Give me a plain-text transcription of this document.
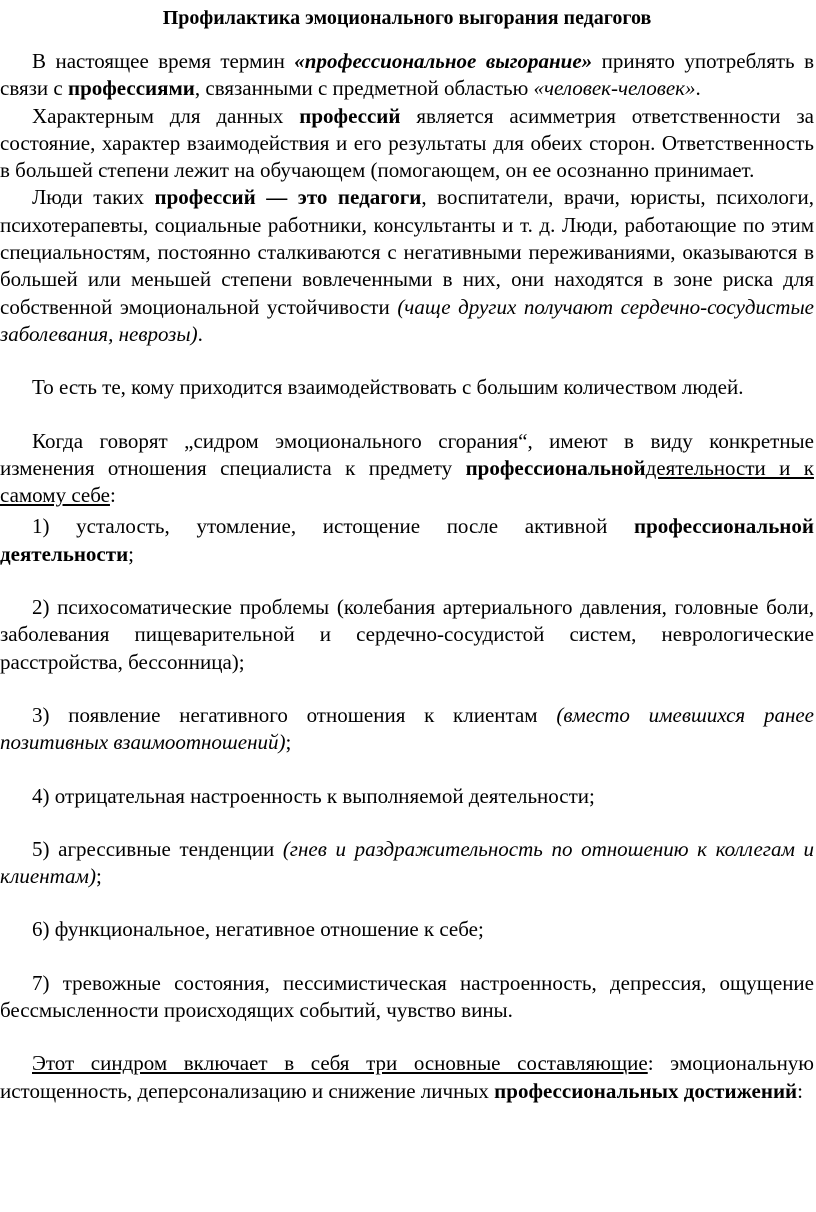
Профилактика эмоционального выгорания педагогов

В настоящее время термин «профессиональное выгорание» принято употреблять в связи с профессиями, связанными с предметной областью «человек-человек».

Характерным для данных профессий является асимметрия ответственности за состояние, характер взаимодействия и его результаты для обеих сторон. Ответственность в большей степени лежит на обучающем (помогающем, он ее осознанно принимает.

Люди таких профессий — это педагоги, воспитатели, врачи, юристы, психологи, психотерапевты, социальные работники, консультанты и т. д. Люди, работающие по этим специальностям, постоянно сталкиваются с негативными переживаниями, оказываются в большей или меньшей степени вовлеченными в них, они находятся в зоне риска для собственной эмоциональной устойчивости (чаще других получают сердечно-сосудистые заболевания, неврозы).

То есть те, кому приходится взаимодействовать с большим количеством людей.

Когда говорят „сидром эмоционального сгорания“, имеют в виду конкретные изменения отношения специалиста к предмету профессиональнойдеятельности и к самому себе:

1) усталость, утомление, истощение после активной профессиональной деятельности;

2) психосоматические проблемы (колебания артериального давления, головные боли, заболевания пищеварительной и сердечно-сосудистой систем, неврологические расстройства, бессонница);

3) появление негативного отношения к клиентам (вместо имевшихся ранее позитивных взаимоотношений);

4) отрицательная настроенность к выполняемой деятельности;

5) агрессивные тенденции (гнев и раздражительность по отношению к коллегам и клиентам);

6) функциональное, негативное отношение к себе;

7) тревожные состояния, пессимистическая настроенность, депрессия, ощущение бессмысленности происходящих событий, чувство вины.

Этот синдром включает в себя три основные составляющие: эмоциональную истощенность, деперсонализацию и снижение личных профессиональных достижений:
